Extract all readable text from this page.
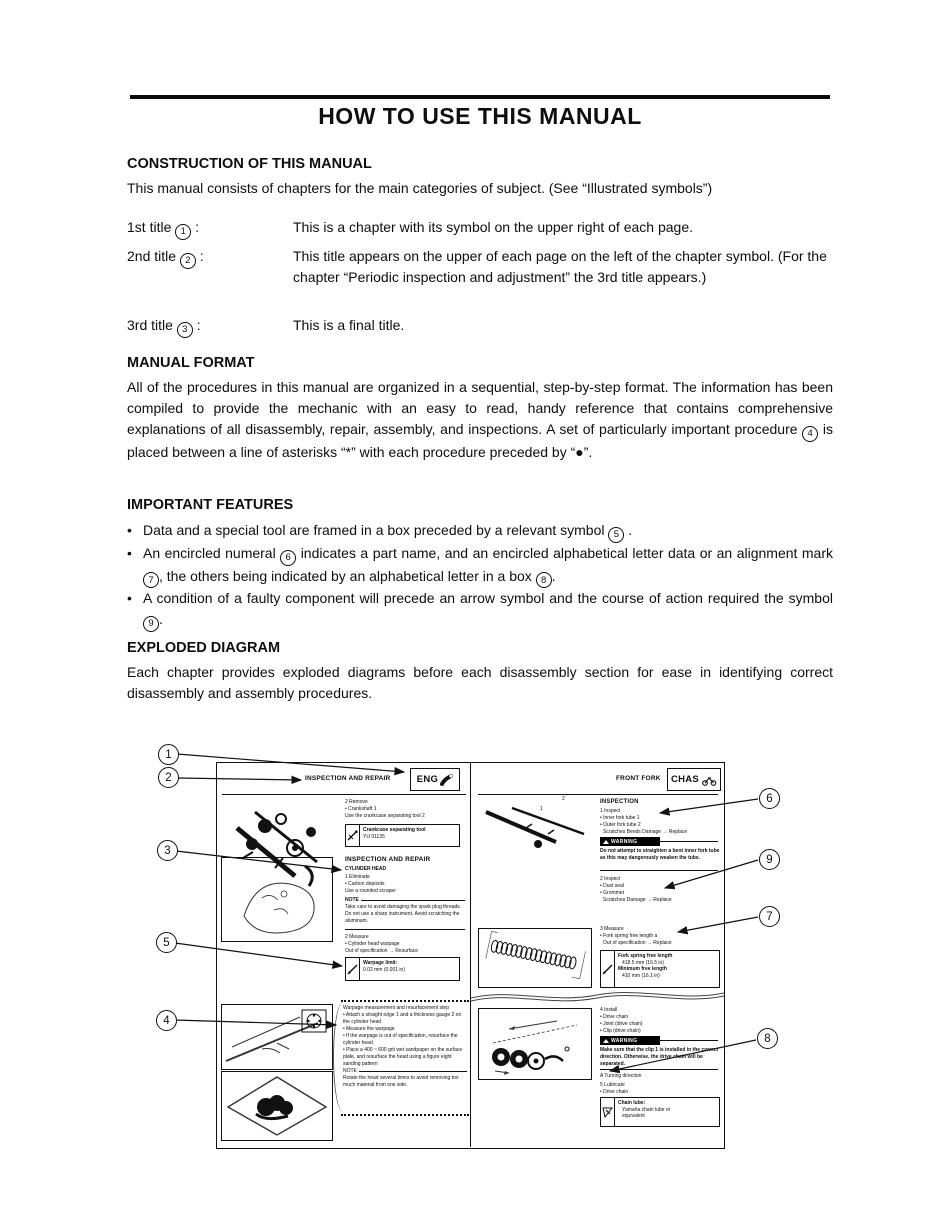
HOW TO USE THIS MANUAL
CONSTRUCTION OF THIS MANUAL

This manual consists of chapters for the main categories of subject. (See “Illustrated symbols”)

1st title 1 :	This is a chapter with its symbol on the upper right of each page.
2nd title 2 :	This title appears on the upper of each page on the left of the chapter symbol. (For the chapter “Periodic inspection and adjustment” the 3rd title appears.)
3rd title 3 :	This is a final title.
MANUAL FORMAT

All of the procedures in this manual are organized in a sequential, step-by-step format. The information has been compiled to provide the mechanic with an easy to read, handy reference that contains comprehensive explanations of all disassembly, repair, assembly, and inspections. A set of particularly important procedure 4 is placed between a line of asterisks “*” with each procedure preceded by “●”.

IMPORTANT FEATURES
• Data and a special tool are framed in a box preceded by a relevant symbol 5 .
• An encircled numeral 6 indicates a part name, and an encircled alphabetical letter data or an alignment mark 7 , the others being indicated by an alphabetical letter in a box 8 .
• A condition of a faulty component will precede an arrow symbol and the course of action required the symbol 9 .
EXPLODED DIAGRAM

Each chapter provides exploded diagrams before each disassembly section for ease in identifying correct disassembly and assembly procedures.

INSPECTION AND REPAIR	ENG
2 Remove
• Crankshaft 1
Use the crankcase separating tool 2
Crankcase separating tool
YU 01135
INSPECTION AND REPAIR
CYLINDER HEAD
1 Eliminate
• Carbon deposits
Use a rounded scraper
NOTE
Take care to avoid damaging the spark plug threads. Do not use a sharp instrument. Avoid scratching the aluminum.
2 Measure
• Cylinder head warpage
Out of specification → Resurface
Warpage limit:
0.02 mm (0.001 in)
Warpage measurement and resurfacement step
• Attach a straight edge 1 and a thickness gauge 2 on the cylinder head
• Measure the warpage
• If the warpage is out of specification, resurface the cylinder head
• Place a 400 ~ 600 grit wet sandpaper on the surface plate, and resurface the head using a figure eight sanding pattern
NOTE
Rotate the head several times to avoid removing too much material from one side.
FRONT FORK CHAS
1
2	INSPECTION
1 Inspect
• Inner fork tube 1
• Outer fork tube 2
Scratches Bends Damage → Replace
WARNING
Do not attempt to straighten a bent inner fork tube as this may dangerously weaken the tube.
2 Inspect
• Dust seal
• Grommet
Scratches Damage → Replace
3 Measure
• Fork spring free length a
Out of specification → Replace
Fork spring free length
418.5 mm (16.5 in)
Minimum free length
410 mm (16.1 in)
4 Install
• Drive chain
• Joint (drive chain)
• Clip (drive chain)
WARNING
Make sure that the clip 1 is installed in the correct direction. Otherwise, the drive chain will be separated.
A Turning direction
5 Lubricate
• Drive chain
Chain lube:
Yamaha chain lube or
equivalent
1
2
3
5
4
6
9
7
8
